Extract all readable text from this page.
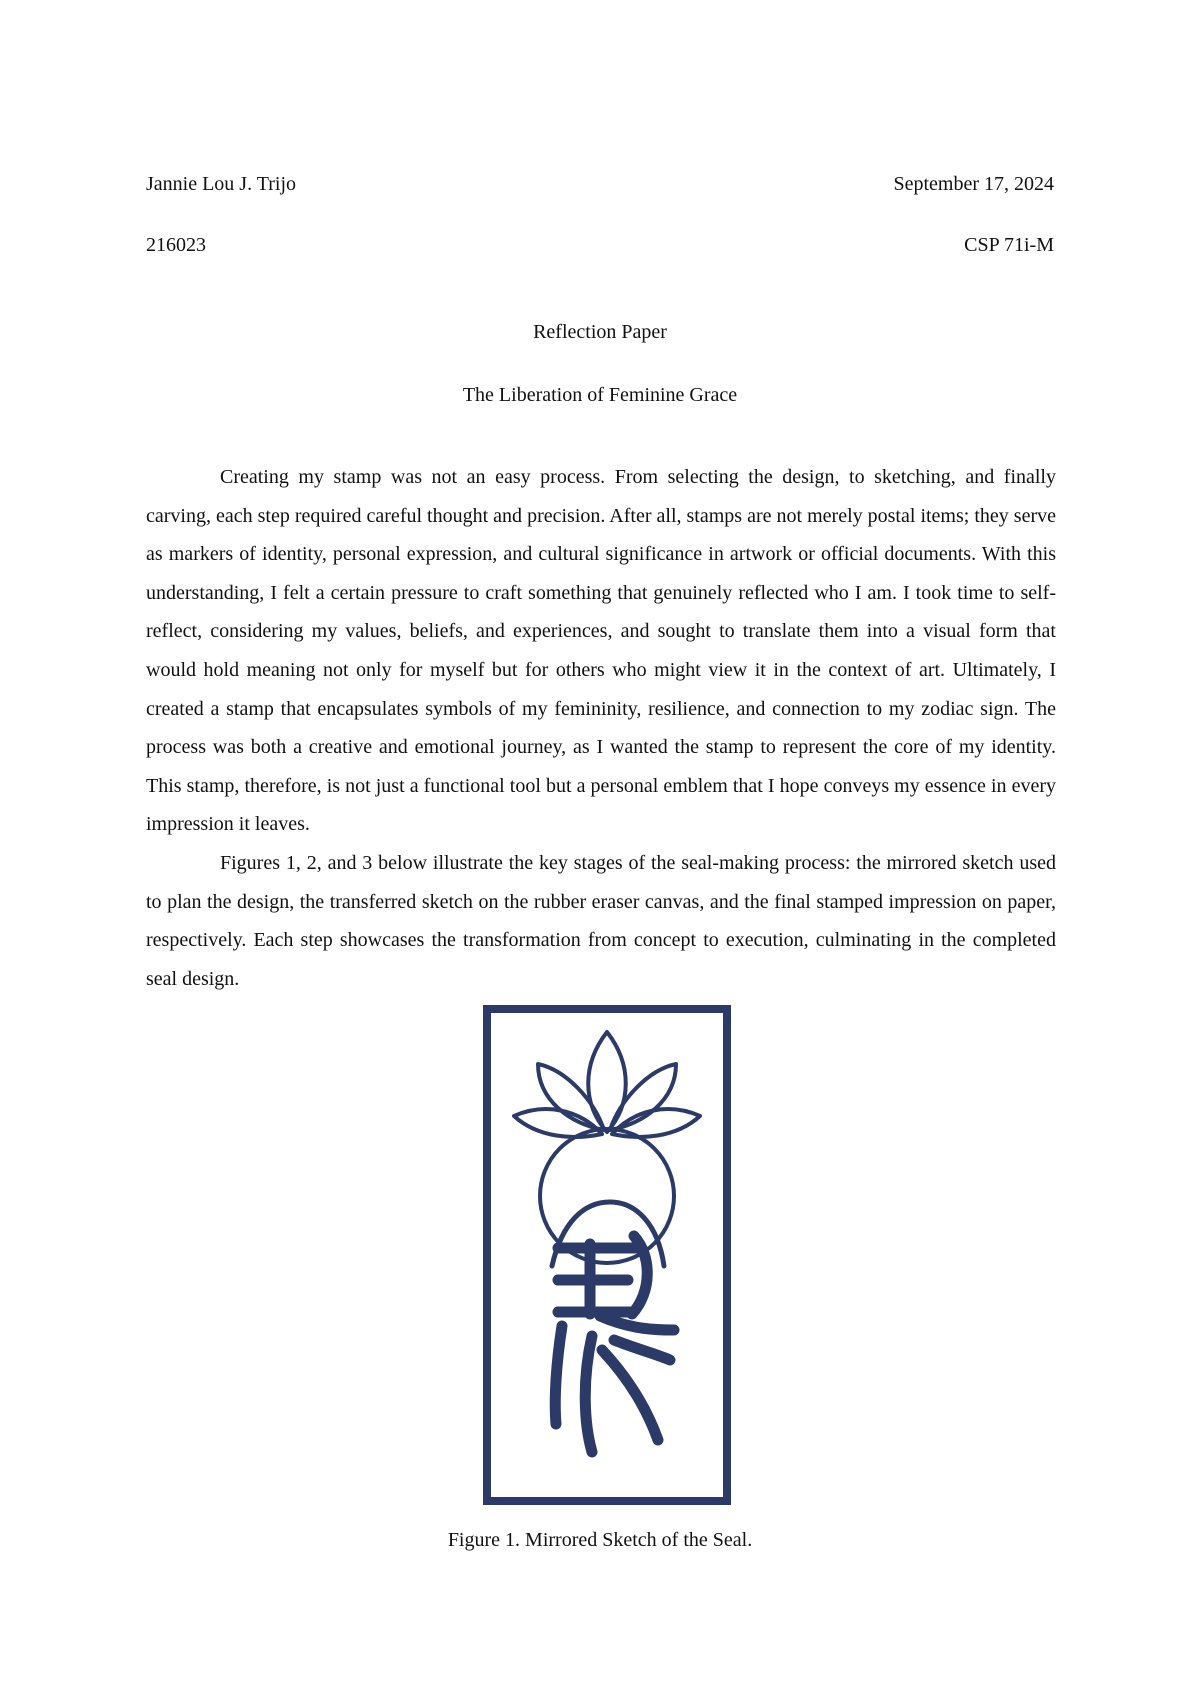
Jannie Lou J. Trijo	September 17, 2024
216023	CSP 71i-M
Reflection Paper
The Liberation of Feminine Grace

Creating my stamp was not an easy process. From selecting the design, to sketching, and finally carving, each step required careful thought and precision. After all, stamps are not merely postal items; they serve as markers of identity, personal expression, and cultural significance in artwork or official documents. With this understanding, I felt a certain pressure to craft something that genuinely reflected who I am. I took time to self-reflect, considering my values, beliefs, and experiences, and sought to translate them into a visual form that would hold meaning not only for myself but for others who might view it in the context of art. Ultimately, I created a stamp that encapsulates symbols of my femininity, resilience, and connection to my zodiac sign. The process was both a creative and emotional journey, as I wanted the stamp to represent the core of my identity. This stamp, therefore, is not just a functional tool but a personal emblem that I hope conveys my essence in every impression it leaves.

Figures 1, 2, and 3 below illustrate the key stages of the seal-making process: the mirrored sketch used to plan the design, the transferred sketch on the rubber eraser canvas, and the final stamped impression on paper, respectively. Each step showcases the transformation from concept to execution, culminating in the completed seal design.

Figure 1. Mirrored Sketch of the Seal.
